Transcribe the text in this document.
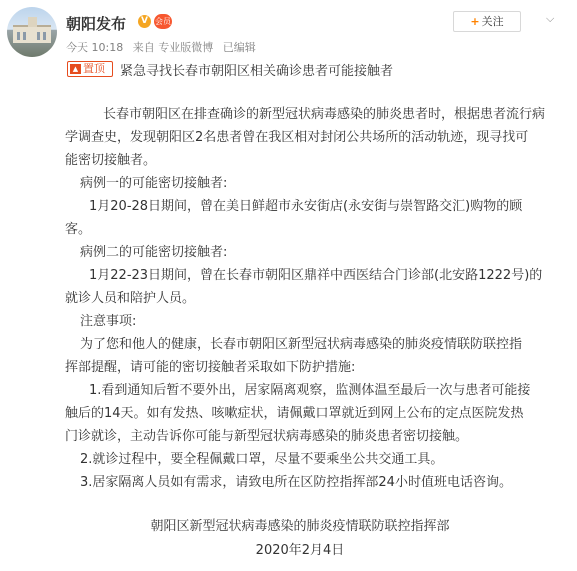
朝阳发布	V 会员
今天 10:18 来自 专业版微博 已编辑
+ 关注	⌵
▲ 置顶 紧急寻找长春市朝阳区相关确诊患者可能接触者
长春市朝阳区在排查确诊的新型冠状病毒感染的肺炎患者时，根据患者流行病
学调查史，发现朝阳区2名患者曾在我区相对封闭公共场所的活动轨迹，现寻找可
能密切接触者。
病例一的可能密切接触者:
1月20-28日期间，曾在美日鲜超市永安街店(永安街与崇智路交汇)购物的顾
客。
病例二的可能密切接触者:
1月22-23日期间，曾在长春市朝阳区鼎祥中西医结合门诊部(北安路1222号)的
就诊人员和陪护人员。
注意事项:
为了您和他人的健康，长春市朝阳区新型冠状病毒感染的肺炎疫情联防联控指
挥部提醒，请可能的密切接触者采取如下防护措施:
1.看到通知后暂不要外出，居家隔离观察，监测体温至最后一次与患者可能接
触后的14天。如有发热、咳嗽症状，请佩戴口罩就近到网上公布的定点医院发热
门诊就诊，主动告诉你可能与新型冠状病毒感染的肺炎患者密切接触。
2.就诊过程中，要全程佩戴口罩，尽量不要乘坐公共交通工具。
3.居家隔离人员如有需求，请致电所在区防控指挥部24小时值班电话咨询。
朝阳区新型冠状病毒感染的肺炎疫情联防联控指挥部
2020年2月4日
